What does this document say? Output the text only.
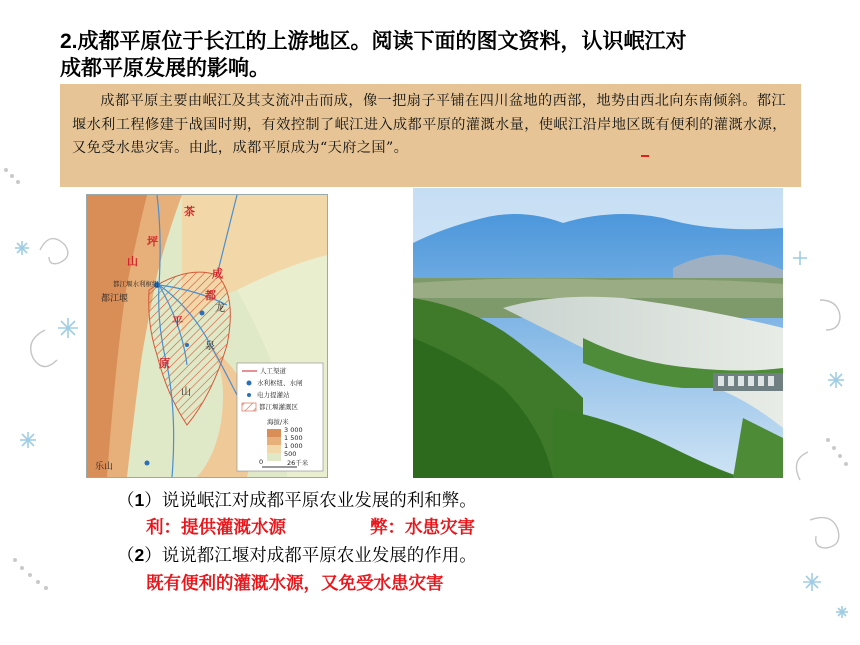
2.成都平原位于长江的上游地区。阅读下面的图文资料，认识岷江对
成都平原发展的影响。
成都平原主要由岷江及其支流冲击而成，像一把扇子平铺在四川盆地的西部，地势由西北向东南倾斜。都江堰水利工程修建于战国时期，有效控制了岷江进入成都平原的灌溉水量，使岷江沿岸地区既有便利的灌溉水源，又免受水患灾害
。由此，成都平原成为“天府之国”。
茶
坪
山
成
都
平
原
龙
泉
山
都江堰
都江堰水利枢纽
乐山
人工渠道
水利枢纽、水闸
电力提灌站
都江堰灌溉区
海拔/米
3 000
1 500
1 000
500
0	26千米
（1）说说岷江对成都平原农业发展的利和弊。
利：提供灌溉水源	弊：水患灾害
（2）说说都江堰对成都平原农业发展的作用。
既有便利的灌溉水源，又免受水患灾害
